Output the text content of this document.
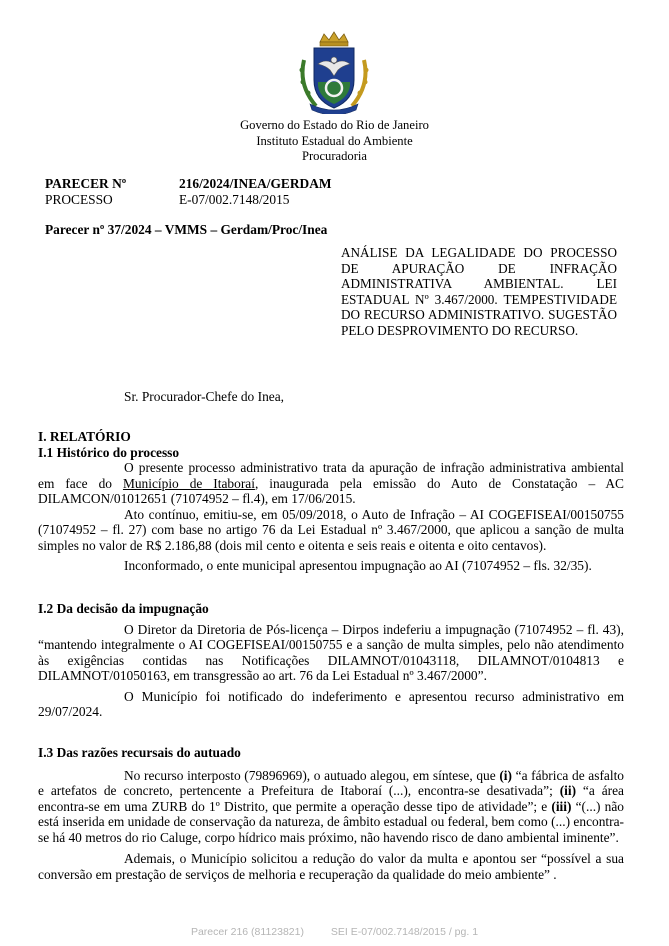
Governo do Estado do Rio de Janeiro
Instituto Estadual do Ambiente
Procuradoria
PARECER Nº	216/2024/INEA/GERDAM
PROCESSO	E-07/002.7148/2015
Parecer nº 37/2024 – VMMS – Gerdam/Proc/Inea
ANÁLISE DA LEGALIDADE DO PROCESSO DE APURAÇÃO DE INFRAÇÃO ADMINISTRATIVA AMBIENTAL. LEI ESTADUAL Nº 3.467/2000. TEMPESTIVIDADE DO RECURSO ADMINISTRATIVO. SUGESTÃO PELO DESPROVIMENTO DO RECURSO.
Sr. Procurador-Chefe do Inea,
I. RELATÓRIO
I.1 Histórico do processo

O presente processo administrativo trata da apuração de infração administrativa ambiental em face do Município de Itaboraí, inaugurada pela emissão do Auto de Constatação – AC DILAMCON/01012651 (71074952 – fl.4), em 17/06/2015.

Ato contínuo, emitiu-se, em 05/09/2018, o Auto de Infração – AI COGEFISEAI/00150755 (71074952 – fl. 27) com base no artigo 76 da Lei Estadual nº 3.467/2000, que aplicou a sanção de multa simples no valor de R$ 2.186,88 (dois mil cento e oitenta e seis reais e oitenta e oito centavos).

Inconformado, o ente municipal apresentou impugnação ao AI (71074952 – fls. 32/35).

I.2 Da decisão da impugnação

O Diretor da Diretoria de Pós-licença – Dirpos indeferiu a impugnação (71074952 – fl. 43), “mantendo integralmente o AI COGEFISEAI/00150755 e a sanção de multa simples, pelo não atendimento às exigências contidas nas Notificações DILAMNOT/01043118, DILAMNOT/0104813 e DILAMNOT/01050163, em transgressão ao art. 76 da Lei Estadual nº 3.467/2000”.

O Município foi notificado do indeferimento e apresentou recurso administrativo em 29/07/2024.

I.3 Das razões recursais do autuado

No recurso interposto (79896969), o autuado alegou, em síntese, que (i) “a fábrica de asfalto e artefatos de concreto, pertencente a Prefeitura de Itaboraí (...), encontra-se desativada”; (ii) “a área encontra-se em uma ZURB do 1º Distrito, que permite a operação desse tipo de atividade”; e (iii) “(...) não está inserida em unidade de conservação da natureza, de âmbito estadual ou federal, bem como (...) encontra-se há 40 metros do rio Caluge, corpo hídrico mais próximo, não havendo risco de dano ambiental iminente”.

Ademais, o Município solicitou a redução do valor da multa e apontou ser “possível a sua conversão em prestação de serviços de melhoria e recuperação da qualidade do meio ambiente” .

Parecer 216 (81123821)	SEI E-07/002.7148/2015 / pg. 1
